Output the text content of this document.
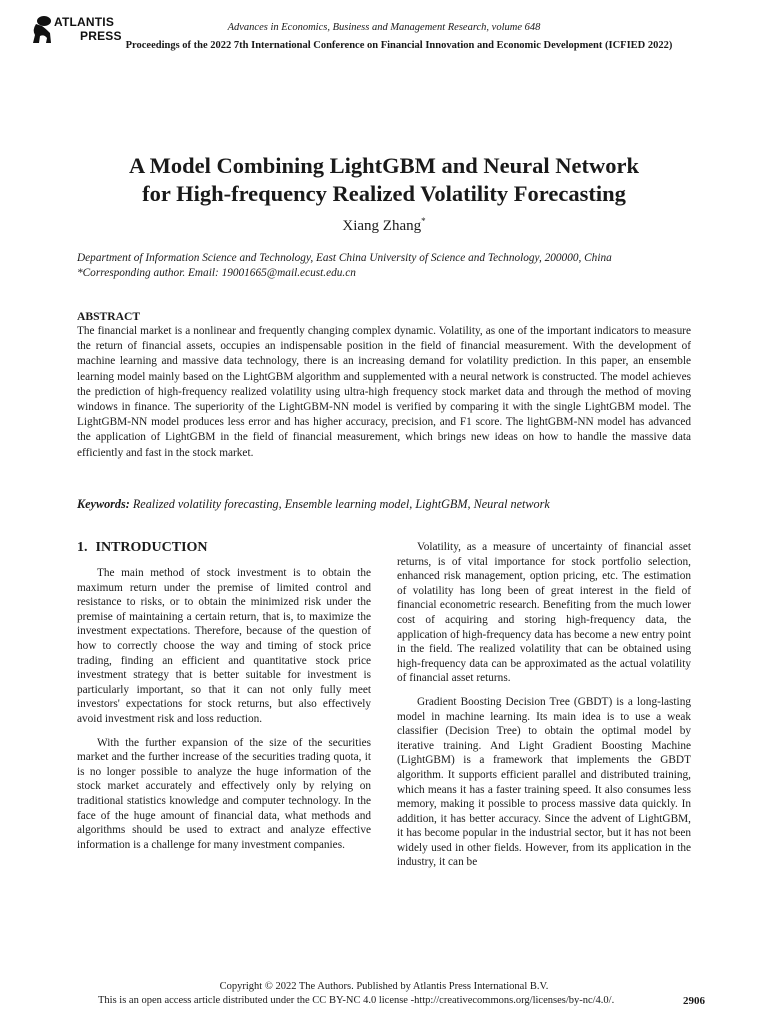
ATLANTIS
PRESS
Advances in Economics, Business and Management Research, volume 648
Proceedings of the 2022 7th International Conference on Financial Innovation and Economic Development (ICFIED 2022)
A Model Combining LightGBM and Neural Network
for High-frequency Realized Volatility Forecasting
Xiang Zhang*
Department of Information Science and Technology, East China University of Science and Technology, 200000, China
*Corresponding author. Email: 19001665@mail.ecust.edu.cn
ABSTRACT

The financial market is a nonlinear and frequently changing complex dynamic. Volatility, as one of the important indicators to measure the return of financial assets, occupies an indispensable position in the field of financial measurement. With the development of machine learning and massive data technology, there is an increasing demand for volatility prediction. In this paper, an ensemble learning model mainly based on the LightGBM algorithm and supplemented with a neural network is constructed. The model achieves the prediction of high-frequency realized volatility using ultra-high frequency stock market data and through the method of moving windows in finance. The superiority of the LightGBM-NN model is verified by comparing it with the single LightGBM model. The LightGBM-NN model produces less error and has higher accuracy, precision, and F1 score. The lightGBM-NN model has advanced the application of LightGBM in the field of financial measurement, which brings new ideas on how to handle the massive data efficiently and fast in the stock market.

Keywords: Realized volatility forecasting, Ensemble learning model, LightGBM, Neural network
1. INTRODUCTION

The main method of stock investment is to obtain the maximum return under the premise of limited control and resistance to risks, or to obtain the minimized risk under the premise of maintaining a certain return, that is, to maximize the investment expectations. Therefore, because of the question of how to correctly choose the way and timing of stock price trading, finding an efficient and quantitative stock price investment strategy that is better suitable for investment is particularly important, so that it can not only fully meet investors' expectations for stock returns, but also effectively avoid investment risk and loss reduction.

With the further expansion of the size of the securities market and the further increase of the securities trading quota, it is no longer possible to analyze the huge information of the stock market accurately and effectively only by relying on traditional statistics knowledge and computer technology. In the face of the huge amount of financial data, what methods and algorithms should be used to extract and analyze effective information is a challenge for many investment companies.

Volatility, as a measure of uncertainty of financial asset returns, is of vital importance for stock portfolio selection, enhanced risk management, option pricing, etc. The estimation of volatility has long been of great interest in the field of financial econometric research. Benefiting from the much lower cost of acquiring and storing high-frequency data, the application of high-frequency data has become a new entry point in the field. The realized volatility that can be obtained using high-frequency data can be approximated as the actual volatility of financial asset returns.

Gradient Boosting Decision Tree (GBDT) is a long-lasting model in machine learning. Its main idea is to use a weak classifier (Decision Tree) to obtain the optimal model by iterative training. And Light Gradient Boosting Machine (LightGBM) is a framework that implements the GBDT algorithm. It supports efficient parallel and distributed training, which means it has a faster training speed. It also consumes less memory, making it possible to process massive data quickly. In addition, it has better accuracy. Since the advent of LightGBM, it has become popular in the industrial sector, but it has not been widely used in other fields. However, from its application in the industry, it can be

Copyright © 2022 The Authors. Published by Atlantis Press International B.V.
This is an open access article distributed under the CC BY-NC 4.0 license -http://creativecommons.org/licenses/by-nc/4.0/.	2906
